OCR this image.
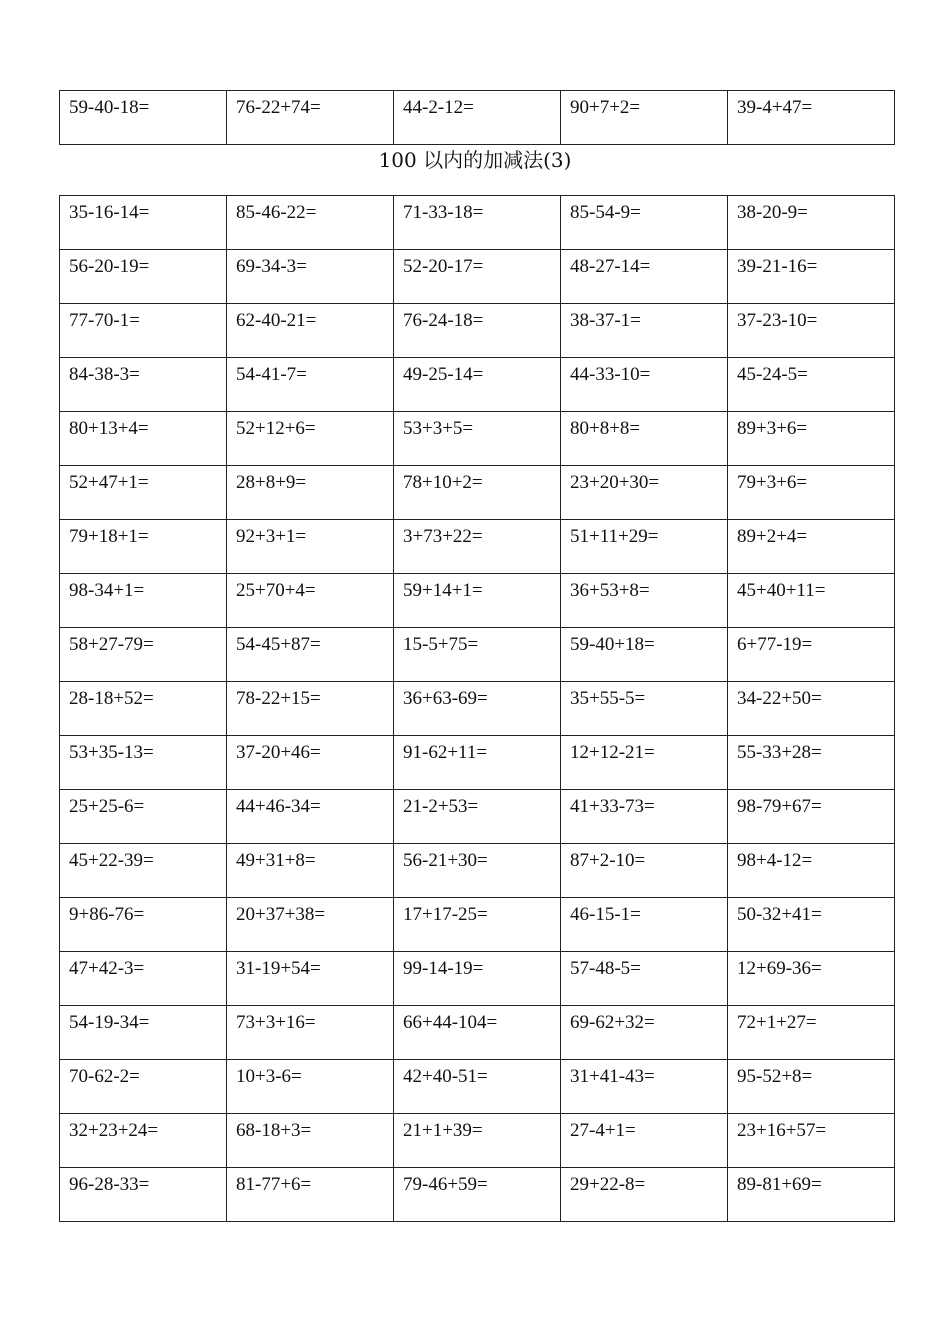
59-40-18=	76-22+74=	44-2-12=	90+7+2=	39-4+47=
100 以内的加减法(3)
35-16-14=	85-46-22=	71-33-18=	85-54-9=	38-20-9=

56-20-19=	69-34-3=	52-20-17=	48-27-14=	39-21-16=

77-70-1=	62-40-21=	76-24-18=	38-37-1=	37-23-10=

84-38-3=	54-41-7=	49-25-14=	44-33-10=	45-24-5=

80+13+4=	52+12+6=	53+3+5=	80+8+8=	89+3+6=

52+47+1=	28+8+9=	78+10+2=	23+20+30=	79+3+6=

79+18+1=	92+3+1=	3+73+22=	51+11+29=	89+2+4=

98-34+1=	25+70+4=	59+14+1=	36+53+8=	45+40+11=

58+27-79=	54-45+87=	15-5+75=	59-40+18=	6+77-19=

28-18+52=	78-22+15=	36+63-69=	35+55-5=	34-22+50=

53+35-13=	37-20+46=	91-62+11=	12+12-21=	55-33+28=

25+25-6=	44+46-34=	21-2+53=	41+33-73=	98-79+67=

45+22-39=	49+31+8=	56-21+30=	87+2-10=	98+4-12=

9+86-76=	20+37+38=	17+17-25=	46-15-1=	50-32+41=

47+42-3=	31-19+54=	99-14-19=	57-48-5=	12+69-36=

54-19-34=	73+3+16=	66+44-104=	69-62+32=	72+1+27=

70-62-2=	10+3-6=	42+40-51=	31+41-43=	95-52+8=

32+23+24=	68-18+3=	21+1+39=	27-4+1=	23+16+57=

96-28-33=	81-77+6=	79-46+59=	29+22-8=	89-81+69=
